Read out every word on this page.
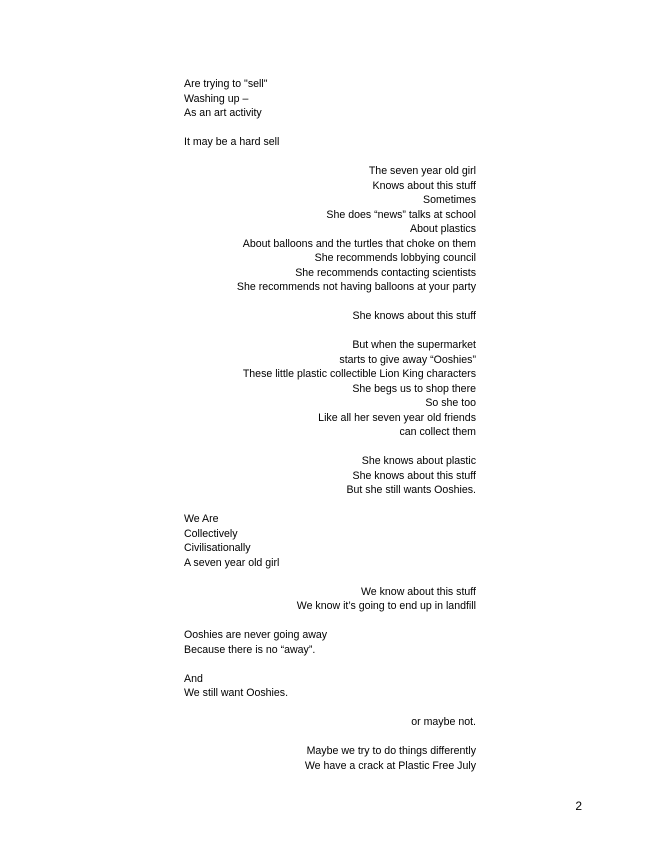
Are trying to "sell"
Washing up –
As an art activity
It may be a hard sell
The seven year old girl
Knows about this stuff
Sometimes
She does “news” talks at school
About plastics
About balloons and the turtles that choke on them
She recommends lobbying council
She recommends contacting scientists
She recommends not having balloons at your party
She knows about this stuff
But when the supermarket
starts to give away “Ooshies”
These little plastic collectible Lion King characters
She begs us to shop there
So she too
Like all her seven year old friends
can collect them
She knows about plastic
She knows about this stuff
But she still wants Ooshies.
We Are
Collectively
Civilisationally
A seven year old girl
We know about this stuff
We know it’s going to end up in landfill
Ooshies are never going away
Because there is no “away”.
And
We still want Ooshies.
or maybe not.
Maybe we try to do things differently
We have a crack at Plastic Free July
2
